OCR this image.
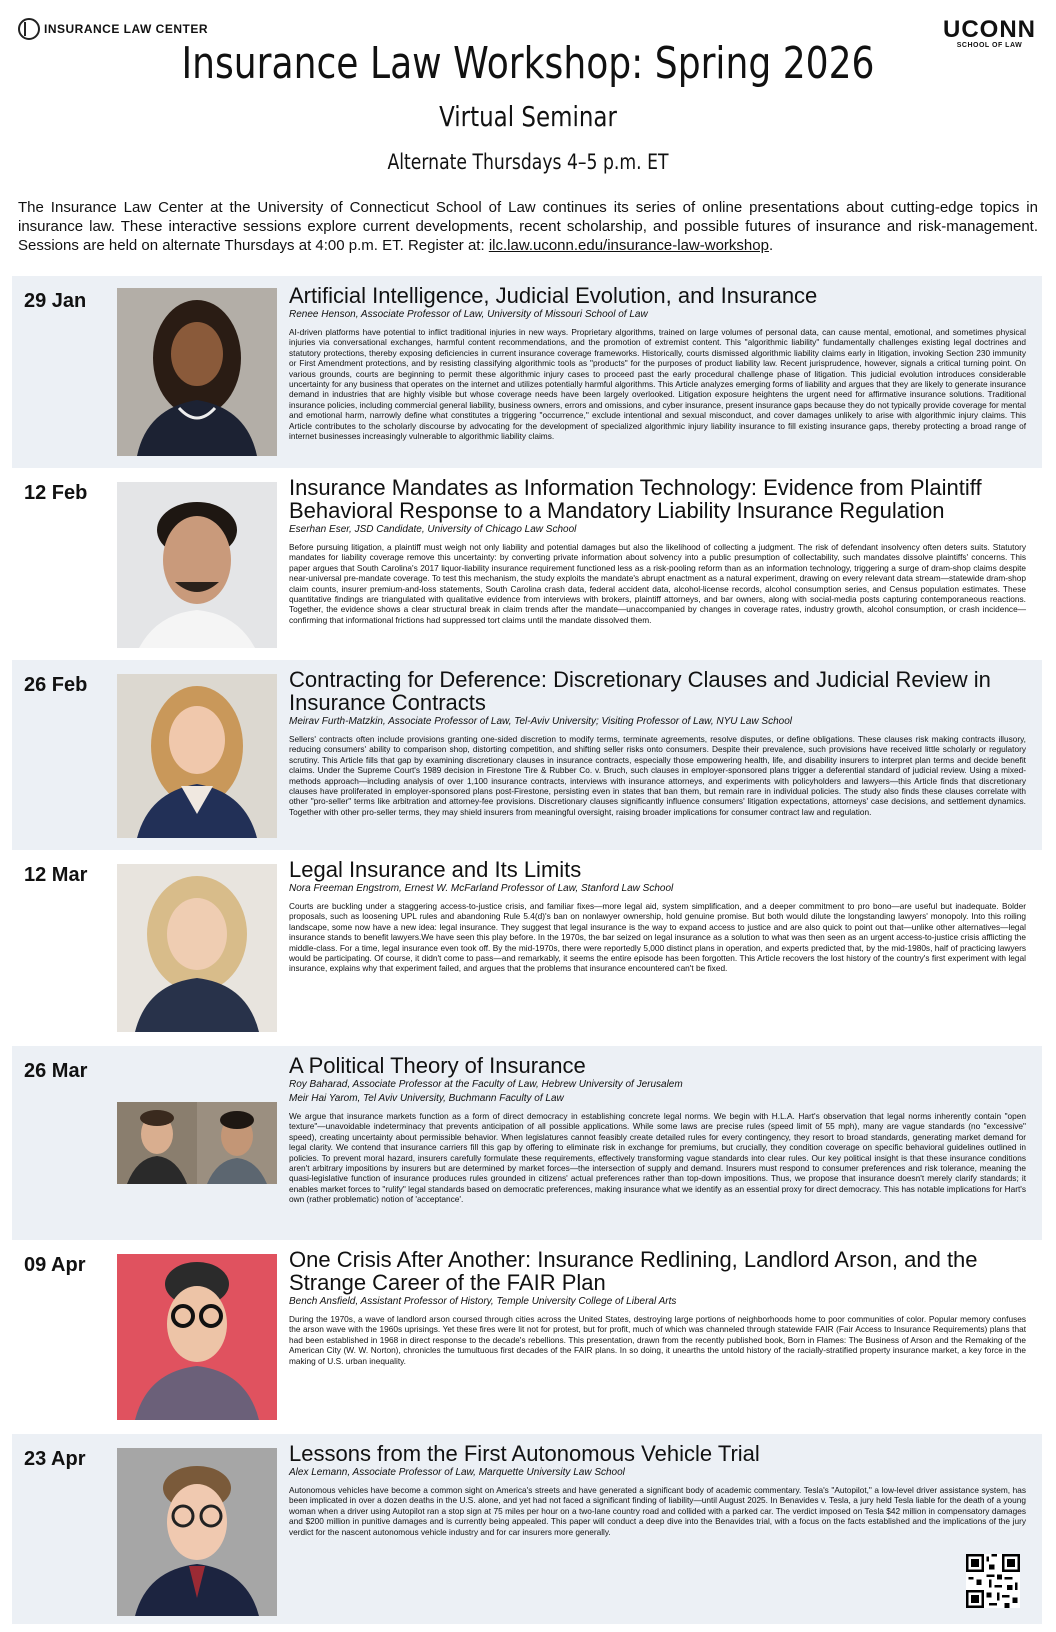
INSURANCE LAW CENTER	UCONN
SCHOOL OF LAW
Insurance Law Workshop: Spring 2026
Virtual Seminar
Alternate Thursdays 4–5 p.m. ET
The Insurance Law Center at the University of Connecticut School of Law continues its series of online presentations about cutting-edge topics in insurance law. These interactive sessions explore current developments, recent scholarship, and possible futures of insurance and risk-management. Sessions are held on alternate Thursdays at 4:00 p.m. ET. Register at: ilc.law.uconn.edu/insurance-law-workshop.
29 Jan	Artificial Intelligence, Judicial Evolution, and Insurance
Renee Henson, Associate Professor of Law, University of Missouri School of Law
AI-driven platforms have potential to inflict traditional injuries in new ways. Proprietary algorithms, trained on large volumes of personal data, can cause mental, emotional, and sometimes physical injuries via conversational exchanges, harmful content recommendations, and the promotion of extremist content. This "algorithmic liability" fundamentally challenges existing legal doctrines and statutory protections, thereby exposing deficiencies in current insurance coverage frameworks. Historically, courts dismissed algorithmic liability claims early in litigation, invoking Section 230 immunity or First Amendment protections, and by resisting classifying algorithmic tools as "products" for the purposes of product liability law. Recent jurisprudence, however, signals a critical turning point. On various grounds, courts are beginning to permit these algorithmic injury cases to proceed past the early procedural challenge phase of litigation. This judicial evolution introduces considerable uncertainty for any business that operates on the internet and utilizes potentially harmful algorithms. This Article analyzes emerging forms of liability and argues that they are likely to generate insurance demand in industries that are highly visible but whose coverage needs have been largely overlooked. Litigation exposure heightens the urgent need for affirmative insurance solutions. Traditional insurance policies, including commercial general liability, business owners, errors and omissions, and cyber insurance, present insurance gaps because they do not typically provide coverage for mental and emotional harm, narrowly define what constitutes a triggering "occurrence," exclude intentional and sexual misconduct, and cover damages unlikely to arise with algorithmic injury claims. This Article contributes to the scholarly discourse by advocating for the development of specialized algorithmic injury liability insurance to fill existing insurance gaps, thereby protecting a broad range of internet businesses increasingly vulnerable to algorithmic liability claims.
12 Feb	Insurance Mandates as Information Technology: Evidence from Plaintiff Behavioral Response to a Mandatory Liability Insurance Regulation
Eserhan Eser, JSD Candidate, University of Chicago Law School
Before pursuing litigation, a plaintiff must weigh not only liability and potential damages but also the likelihood of collecting a judgment. The risk of defendant insolvency often deters suits. Statutory mandates for liability coverage remove this uncertainty: by converting private information about solvency into a public presumption of collectability, such mandates dissolve plaintiffs' concerns. This paper argues that South Carolina's 2017 liquor-liability insurance requirement functioned less as a risk-pooling reform than as an information technology, triggering a surge of dram-shop claims despite near-universal pre-mandate coverage. To test this mechanism, the study exploits the mandate's abrupt enactment as a natural experiment, drawing on every relevant data stream—statewide dram-shop claim counts, insurer premium-and-loss statements, South Carolina crash data, federal accident data, alcohol-license records, alcohol consumption series, and Census population estimates. These quantitative findings are triangulated with qualitative evidence from interviews with brokers, plaintiff attorneys, and bar owners, along with social-media posts capturing contemporaneous reactions. Together, the evidence shows a clear structural break in claim trends after the mandate—unaccompanied by changes in coverage rates, industry growth, alcohol consumption, or crash incidence—confirming that informational frictions had suppressed tort claims until the mandate dissolved them.
26 Feb	Contracting for Deference: Discretionary Clauses and Judicial Review in Insurance Contracts
Meirav Furth-Matzkin, Associate Professor of Law, Tel-Aviv University; Visiting Professor of Law, NYU Law School
Sellers' contracts often include provisions granting one-sided discretion to modify terms, terminate agreements, resolve disputes, or define obligations. These clauses risk making contracts illusory, reducing consumers' ability to comparison shop, distorting competition, and shifting seller risks onto consumers. Despite their prevalence, such provisions have received little scholarly or regulatory scrutiny. This Article fills that gap by examining discretionary clauses in insurance contracts, especially those empowering health, life, and disability insurers to interpret plan terms and decide benefit claims. Under the Supreme Court's 1989 decision in Firestone Tire & Rubber Co. v. Bruch, such clauses in employer-sponsored plans trigger a deferential standard of judicial review. Using a mixed-methods approach—including analysis of over 1,100 insurance contracts, interviews with insurance attorneys, and experiments with policyholders and lawyers—this Article finds that discretionary clauses have proliferated in employer-sponsored plans post-Firestone, persisting even in states that ban them, but remain rare in individual policies. The study also finds these clauses correlate with other "pro-seller" terms like arbitration and attorney-fee provisions. Discretionary clauses significantly influence consumers' litigation expectations, attorneys' case decisions, and settlement dynamics. Together with other pro-seller terms, they may shield insurers from meaningful oversight, raising broader implications for consumer contract law and regulation.
12 Mar	Legal Insurance and Its Limits
Nora Freeman Engstrom, Ernest W. McFarland Professor of Law, Stanford Law School
Courts are buckling under a staggering access-to-justice crisis, and familiar fixes—more legal aid, system simplification, and a deeper commitment to pro bono—are useful but inadequate. Bolder proposals, such as loosening UPL rules and abandoning Rule 5.4(d)'s ban on nonlawyer ownership, hold genuine promise. But both would dilute the longstanding lawyers' monopoly. Into this roiling landscape, some now have a new idea: legal insurance. They suggest that legal insurance is the way to expand access to justice and are also quick to point out that—unlike other alternatives—legal insurance stands to benefit lawyers.We have seen this play before. In the 1970s, the bar seized on legal insurance as a solution to what was then seen as an urgent access-to-justice crisis afflicting the middle-class. For a time, legal insurance even took off. By the mid-1970s, there were reportedly 5,000 distinct plans in operation, and experts predicted that, by the mid-1980s, half of practicing lawyers would be participating. Of course, it didn't come to pass—and remarkably, it seems the entire episode has been forgotten. This Article recovers the lost history of the country's first experiment with legal insurance, explains why that experiment failed, and argues that the problems that insurance encountered can't be fixed.
26 Mar	A Political Theory of Insurance
Roy Baharad, Associate Professor at the Faculty of Law, Hebrew University of Jerusalem
Meir Hai Yarom, Tel Aviv University, Buchmann Faculty of Law
We argue that insurance markets function as a form of direct democracy in establishing concrete legal norms. We begin with H.L.A. Hart's observation that legal norms inherently contain "open texture"—unavoidable indeterminacy that prevents anticipation of all possible applications. While some laws are precise rules (speed limit of 55 mph), many are vague standards (no "excessive" speed), creating uncertainty about permissible behavior. When legislatures cannot feasibly create detailed rules for every contingency, they resort to broad standards, generating market demand for legal clarity. We contend that insurance carriers fill this gap by offering to eliminate risk in exchange for premiums, but crucially, they condition coverage on specific behavioral guidelines outlined in policies. To prevent moral hazard, insurers carefully formulate these requirements, effectively transforming vague standards into clear rules. Our key political insight is that these insurance conditions aren't arbitrary impositions by insurers but are determined by market forces—the intersection of supply and demand. Insurers must respond to consumer preferences and risk tolerance, meaning the quasi-legislative function of insurance produces rules grounded in citizens' actual preferences rather than top-down impositions. Thus, we propose that insurance doesn't merely clarify standards; it enables market forces to "rulify" legal standards based on democratic preferences, making insurance what we identify as an essential proxy for direct democracy. This has notable implications for Hart's own (rather problematic) notion of 'acceptance'.
09 Apr	One Crisis After Another: Insurance Redlining, Landlord Arson, and the Strange Career of the FAIR Plan
Bench Ansfield, Assistant Professor of History, Temple University College of Liberal Arts
During the 1970s, a wave of landlord arson coursed through cities across the United States, destroying large portions of neighborhoods home to poor communities of color. Popular memory confuses the arson wave with the 1960s uprisings. Yet these fires were lit not for protest, but for profit, much of which was channeled through statewide FAIR (Fair Access to Insurance Requirements) plans that had been established in 1968 in direct response to the decade's rebellions. This presentation, drawn from the recently published book, Born in Flames: The Business of Arson and the Remaking of the American City (W. W. Norton), chronicles the tumultuous first decades of the FAIR plans. In so doing, it unearths the untold history of the racially-stratified property insurance market, a key force in the making of U.S. urban inequality.
23 Apr	Lessons from the First Autonomous Vehicle Trial
Alex Lemann, Associate Professor of Law, Marquette University Law School
Autonomous vehicles have become a common sight on America's streets and have generated a significant body of academic commentary. Tesla's "Autopilot," a low-level driver assistance system, has been implicated in over a dozen deaths in the U.S. alone, and yet had not faced a significant finding of liability—until August 2025. In Benavides v. Tesla, a jury held Tesla liable for the death of a young woman when a driver using Autopilot ran a stop sign at 75 miles per hour on a two-lane country road and collided with a parked car. The verdict imposed on Tesla $42 million in compensatory damages and $200 million in punitive damages and is currently being appealed. This paper will conduct a deep dive into the Benavides trial, with a focus on the facts established and the implications of the jury verdict for the nascent autonomous vehicle industry and for car insurers more generally.
